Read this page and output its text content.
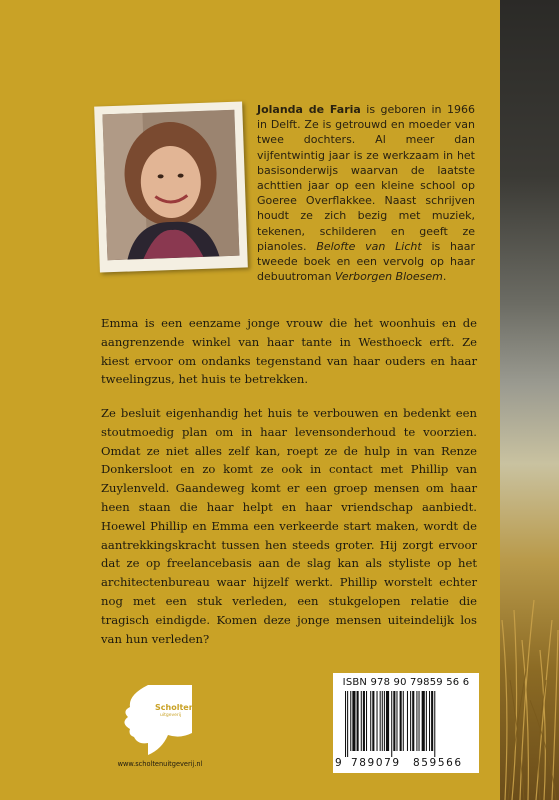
Jolanda de Faria is geboren in 1966 in Delft. Ze is getrouwd en moeder van twee dochters. Al meer dan vijfentwintig jaar is ze werkzaam in het basisonderwijs waarvan de laatste achttien jaar op een kleine school op Goeree Overflakkee. Naast schrijven houdt ze zich bezig met muziek, tekenen, schilderen en geeft ze pianoles. Belofte van Licht is haar tweede boek en een vervolg op haar debuutroman Verborgen Bloesem.

Emma is een eenzame jonge vrouw die het woonhuis en de aangrenzende winkel van haar tante in Westhoeck erft. Ze kiest ervoor om ondanks tegenstand van haar ouders en haar tweelingzus, het huis te betrekken.

Ze besluit eigenhandig het huis te verbouwen en bedenkt een stoutmoedig plan om in haar levensonderhoud te voorzien. Omdat ze niet alles zelf kan, roept ze de hulp in van Renze Donkersloot en zo komt ze ook in contact met Phillip van Zuylenveld. Gaandeweg komt er een groep mensen om haar heen staan die haar helpt en haar vriendschap aanbiedt. Hoewel Phillip en Emma een verkeerde start maken, wordt de aantrekkingskracht tussen hen steeds groter. Hij zorgt ervoor dat ze op freelancebasis aan de slag kan als styliste op het architectenbureau waar hijzelf werkt. Phillip worstelt echter nog met een stuk verleden, een stukgelopen relatie die tragisch eindigde. Komen deze jonge mensen uiteindelijk los van hun verleden?

Scholten
uitgeverij
www.scholtenuitgeverij.nl
ISBN 978 90 79859 56 6
9 789079 859566
